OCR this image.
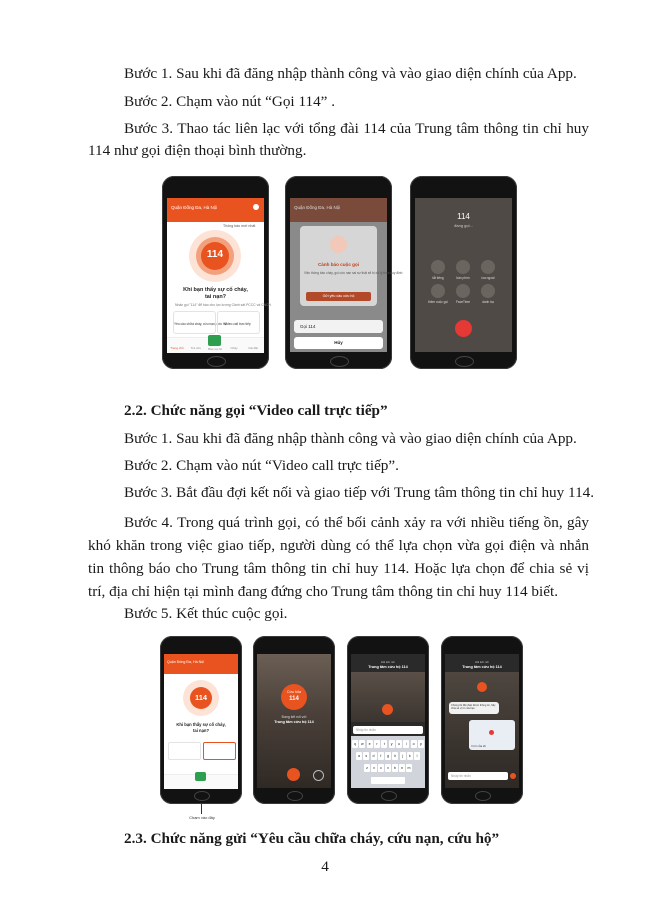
Bước 1. Sau khi đã đăng nhập thành công và vào giao diện chính của App.
Bước 2. Chạm vào nút “Gọi 114” .
Bước 3. Thao tác liên lạc với tổng đài 114 của Trung tâm thông tin chỉ huy
114 như gọi điện thoại bình thường.
Quận Đống Đa, Hà Nội
Thông báo mới nhất
114
Khi bạn thấy sự cố cháy,
tai nạn?
Nhấn gọi "114" để báo cho lực lượng Cảnh sát PCCC và CNCH
Yêu cầu chữa cháy, cứu nạn, cứu hộ
Video call trực tiếp
Trang chủ	Tra cứu	Báo sự cố	Cháy	Cài đặt
Quận Đống Đa, Hà Nội
Cảnh báo cuộc gọi
Việc thông báo cháy, gọi cứu nạn sai sự thật sẽ bị xử lý theo quy định
Gửi yêu cầu cứu hộ
Gọi 114
Hủy
114
đang gọi...
tắt tiếng	bàn phím	loa ngoài
thêm cuộc gọi	FaceTime	danh bạ
2.2. Chức năng gọi “Video call trực tiếp”
Bước 1. Sau khi đã đăng nhập thành công và vào giao diện chính của App.
Bước 2. Chạm vào nút “Video call trực tiếp”.
Bước 3. Bắt đầu đợi kết nối và giao tiếp với Trung tâm thông tin chỉ huy 114.
Bước 4. Trong quá trình gọi, có thể bối cảnh xảy ra với nhiều tiếng ồn, gây
khó khăn trong việc giao tiếp, người dùng có thể lựa chọn vừa gọi điện và nhắn
tin thông báo cho Trung tâm thông tin chỉ huy 114. Hoặc lựa chọn để chia sẻ vị
trí, địa chỉ hiện tại mình đang đứng cho Trung tâm thông tin chỉ huy 114 biết.
Bước 5. Kết thúc cuộc gọi.
Quận Đống Đa, Hà Nội
114
Khi bạn thấy sự cố cháy,
tai nạn?
Chạm vào đây
Cứu hỏa
114
Đang kết nối với
Trung tâm cứu hộ 114
Đã kết nối
Trung tâm cứu hộ 114
Nhập tin nhắn
q	w	e	r	t	y	u	i	o	p
a	s	d	f	g	h	j	k	l
z	x	c	v	b	n	m
Đã kết nối
Trung tâm cứu hộ 114
Chúng tôi đã nhận được thông tin, hãy chia sẻ vị trí của bạn
Vị trí của tôi
Nhập tin nhắn
2.3. Chức năng gửi “Yêu cầu chữa cháy, cứu nạn, cứu hộ”
4
